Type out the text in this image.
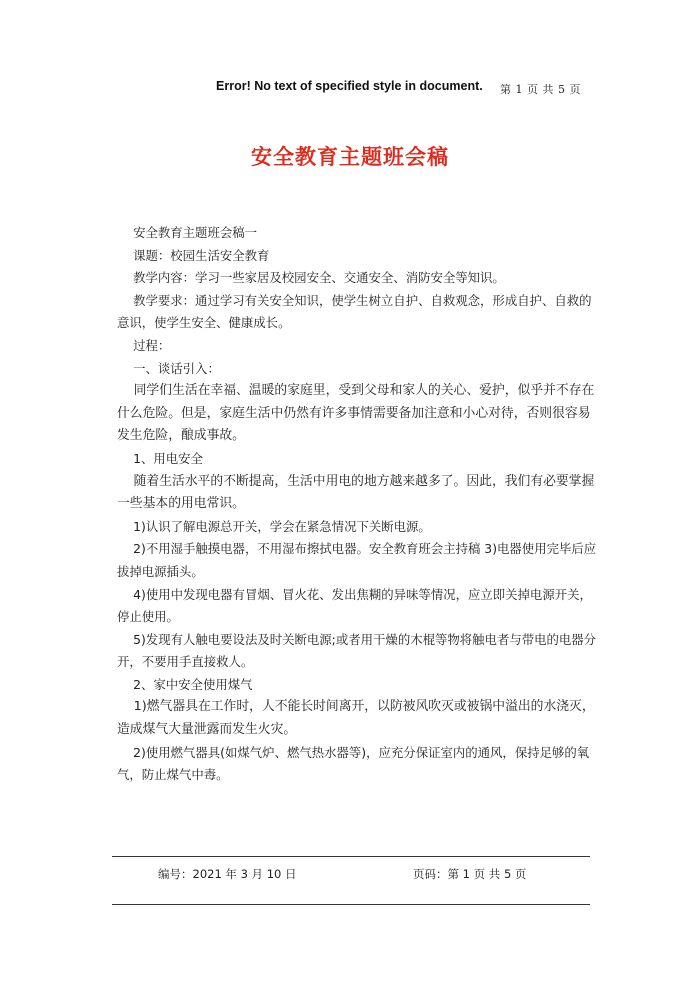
Error! No text of specified style in document. 第 1 页 共 5 页
安全教育主题班会稿

安全教育主题班会稿一

课题：校园生活安全教育

教学内容：学习一些家居及校园安全、交通安全、消防安全等知识。

教学要求：通过学习有关安全知识，使学生树立自护、自救观念，形成自护、自救的意识，使学生安全、健康成长。

过程：

一、谈话引入：

同学们生活在幸福、温暖的家庭里，受到父母和家人的关心、爱护，似乎并不存在什么危险。但是，家庭生活中仍然有许多事情需要备加注意和小心对待，否则很容易发生危险，酿成事故。

1、用电安全

随着生活水平的不断提高，生活中用电的地方越来越多了。因此，我们有必要掌握一些基本的用电常识。

1)认识了解电源总开关，学会在紧急情况下关断电源。

2)不用湿手触摸电器，不用湿布擦拭电器。安全教育班会主持稿 3)电器使用完毕后应拔掉电源插头。

4)使用中发现电器有冒烟、冒火花、发出焦糊的异味等情况，应立即关掉电源开关，停止使用。

5)发现有人触电要设法及时关断电源;或者用干燥的木棍等物将触电者与带电的电器分开，不要用手直接救人。

2、家中安全使用煤气

1)燃气器具在工作时，人不能长时间离开，以防被风吹灭或被锅中溢出的水浇灭，造成煤气大量泄露而发生火灾。

2)使用燃气器具(如煤气炉、燃气热水器等)，应充分保证室内的通风，保持足够的氧气，防止煤气中毒。

编号：2021 年 3 月 10 日	页码：第 1 页 共 5 页
